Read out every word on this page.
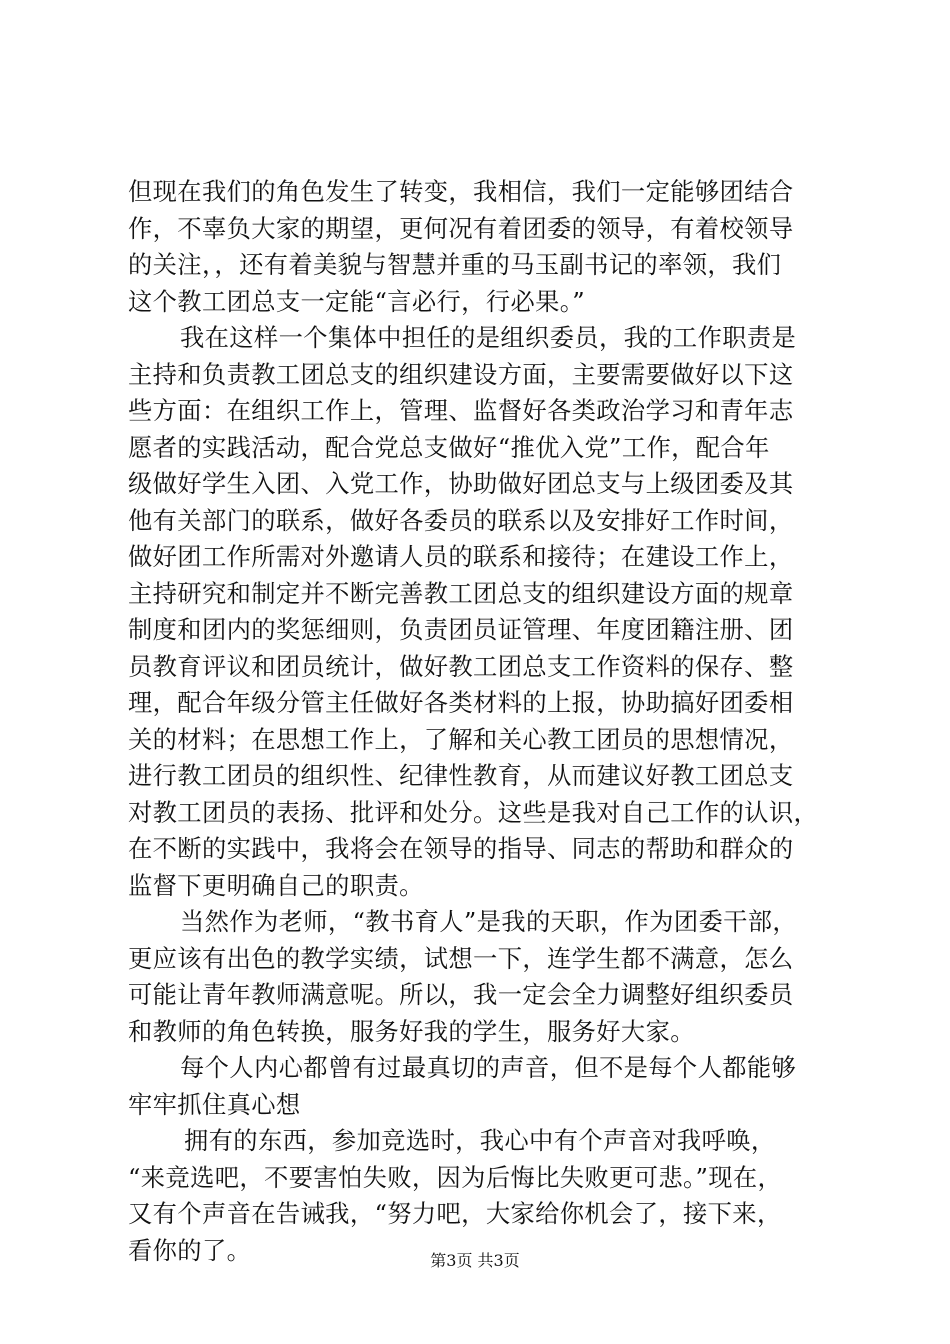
但现在我们的角色发生了转变，我相信，我们一定能够团结合
作，不辜负大家的期望，更何况有着团委的领导，有着校领导
的关注，，还有着美貌与智慧并重的马玉副书记的率领，我们
这个教工团总支一定能“言必行，行必果。”
我在这样一个集体中担任的是组织委员，我的工作职责是
主持和负责教工团总支的组织建设方面，主要需要做好以下这
些方面：在组织工作上，管理、监督好各类政治学习和青年志
愿者的实践活动，配合党总支做好“推优入党”工作，配合年
级做好学生入团、入党工作，协助做好团总支与上级团委及其
他有关部门的联系，做好各委员的联系以及安排好工作时间，
做好团工作所需对外邀请人员的联系和接待；在建设工作上，
主持研究和制定并不断完善教工团总支的组织建设方面的规章
制度和团内的奖惩细则，负责团员证管理、年度团籍注册、团
员教育评议和团员统计，做好教工团总支工作资料的保存、整
理，配合年级分管主任做好各类材料的上报，协助搞好团委相
关的材料；在思想工作上，了解和关心教工团员的思想情况，
进行教工团员的组织性、纪律性教育，从而建议好教工团总支
对教工团员的表扬、批评和处分。这些是我对自己工作的认识，
在不断的实践中，我将会在领导的指导、同志的帮助和群众的
监督下更明确自己的职责。
当然作为老师，“教书育人”是我的天职，作为团委干部，
更应该有出色的教学实绩，试想一下，连学生都不满意，怎么
可能让青年教师满意呢。所以，我一定会全力调整好组织委员
和教师的角色转换，服务好我的学生，服务好大家。
每个人内心都曾有过最真切的声音，但不是每个人都能够
牢牢抓住真心想
拥有的东西，参加竞选时，我心中有个声音对我呼唤，
“来竞选吧，不要害怕失败，因为后悔比失败更可悲。”现在，
又有个声音在告诫我，“努力吧，大家给你机会了，接下来，
看你的了。	第3页 共3页
